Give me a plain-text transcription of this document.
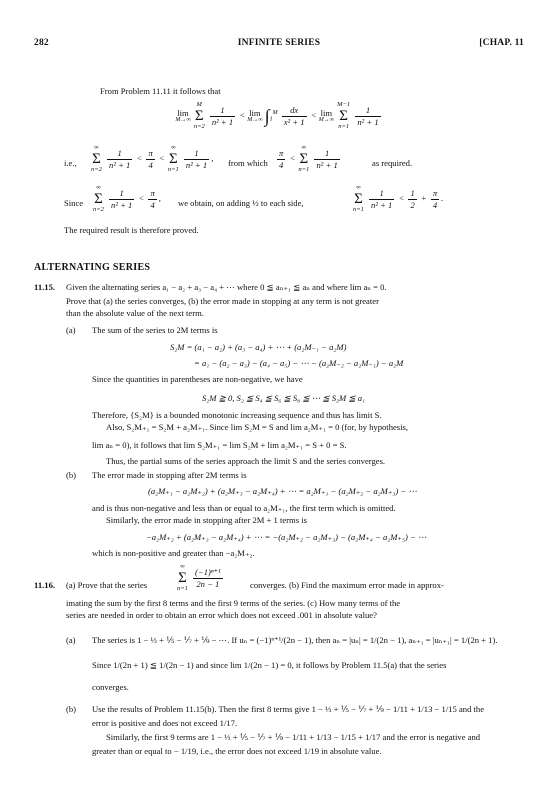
282	INFINITE SERIES	[CHAP. 11
From Problem 11.11 it follows that
lim
M→∞
M
Σ
$n=2 \frac{1}{\text{n² + 1}} < \lim$
M→∞ $\int_1^M \frac{dx}{\text{x² + 1}} < \lim$
M→∞
M−1
Σ
$n=1 \frac{1}{\text{n² + 1}}$
i.e.,
∞
Σ
$n=2 \frac{1}{\text{n² + 1}} < \frac{\pi}{4}$ < ∞
Σ
$n=1 \frac{1}{\text{n² + 1}}$ ,
from which $\frac{\pi}{4}$ < ∞
Σ
$n=1 \frac{1}{\text{n² + 1}}$	as required.
Since
∞
Σ
$n=2 \frac{1}{\text{n² + 1}} < \frac{\pi}{4}$ ,
we obtain, on adding ½ to each side,
∞
Σ
$n=1 \frac{1}{\text{n² + 1}} < \frac{1}{2} + \frac{\pi}{4}$ .
The required result is therefore proved.
ALTERNATING SERIES
11.15. Given the alternating series a₁ − a₂ + a₃ − a₄ + ⋯ where 0 ≦ aₙ₊₁ ≦ aₙ and where lim aₙ = 0.
Prove that (a) the series converges, (b) the error made in stopping at any term is not greater
than the absolute value of the next term.
(a) The sum of the series to 2M terms is
S₂M = (a₁ − a₂) + (a₃ − a₄) + ⋯ + (a₂M₋₁ − a₂M)
= a₁ − (a₂ − a₃) − (a₄ − a₅) − ⋯ − (a₂M₋₂ − a₂M₋₁) − a₂M
Since the quantities in parentheses are non-negative, we have
S₂M ≧ 0, S₂ ≦ S₄ ≦ S₆ ≦ S₈ ≦ ⋯ ≦ S₂M ≦ a₁
Therefore, {S₂M} is a bounded monotonic increasing sequence and thus has limit S.
Also, S₂M₊₁ = S₂M + a₂M₊₁. Since lim S₂M = S and lim a₂M₊₁ = 0 (for, by hypothesis,
lim aₙ = 0), it follows that lim S₂M₊₁ = lim S₂M + lim a₂M₊₁ = S + 0 = S.
Thus, the partial sums of the series approach the limit S and the series converges.
(b) The error made in stopping after 2M terms is
(a₂M₊₁ − a₂M₊₂) + (a₂M₊₃ − a₂M₊₄) + ⋯ = a₂M₊₁ − (a₂M₊₂ − a₂M₊₃) − ⋯
and is thus non-negative and less than or equal to a₂M₊₁, the first term which is omitted.
Similarly, the error made in stopping after 2M + 1 terms is
−a₂M₊₂ + (a₂M₊₃ − a₂M₊₄) + ⋯ = −(a₂M₊₂ − a₂M₊₃) − (a₂M₊₄ − a₂M₊₅) − ⋯
which is non-positive and greater than −a₂M₊₂.
11.16. (a) Prove that the series
∞
Σ
$n=1 \frac{\text{(−1)ⁿ⁺¹}}{2n - 1}$	converges. (b) Find the maximum error made in approx-
imating the sum by the first 8 terms and the first 9 terms of the series. (c) How many terms of the
series are needed in order to obtain an error which does not exceed .001 in absolute value?
(a) The series is 1 − ⅓ + ⅕ − ⅐ + ⅑ − ⋯. If uₙ = (−1)ⁿ⁺¹/(2n − 1), then aₙ = |uₙ| = 1/(2n − 1), aₙ₊₁ = |uₙ₊₁| = 1/(2n + 1).
Since 1/(2n + 1) ≦ 1/(2n − 1) and since lim 1/(2n − 1) = 0, it follows by Problem 11.5(a) that the series
converges.
(b) Use the results of Problem 11.15(b). Then the first 8 terms give 1 − ⅓ + ⅕ − ⅐ + ⅑ − 1/11 + 1/13 − 1/15 and the
error is positive and does not exceed 1/17.
Similarly, the first 9 terms are 1 − ⅓ + ⅕ − ⅐ + ⅑ − 1/11 + 1/13 − 1/15 + 1/17 and the error is negative and
greater than or equal to − 1/19, i.e., the error does not exceed 1/19 in absolute value.
